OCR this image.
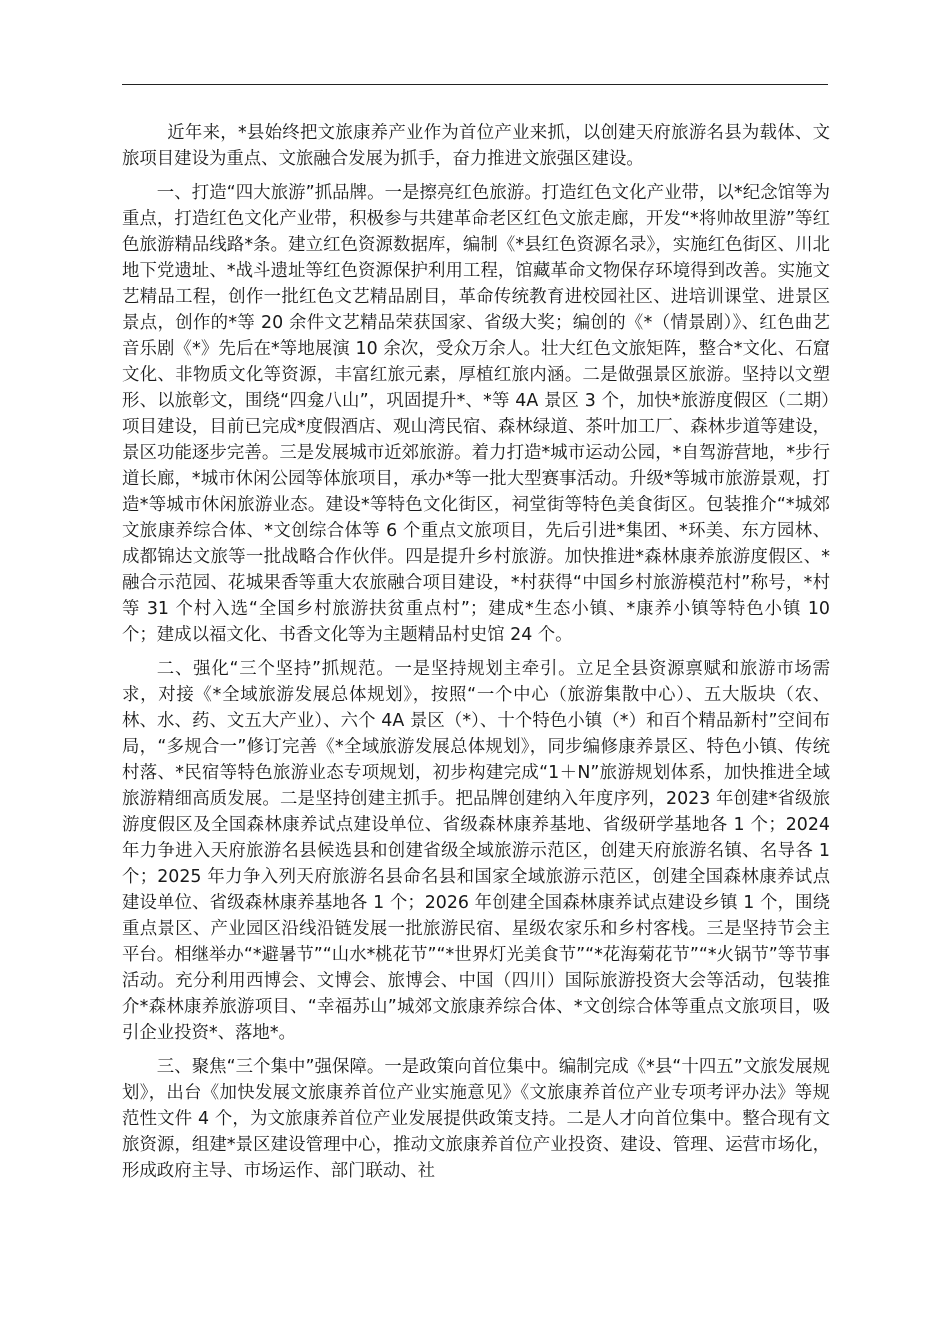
近年来，*县始终把文旅康养产业作为首位产业来抓，以创建天府旅游名县为载体、文旅项目建设为重点、文旅融合发展为抓手，奋力推进文旅强区建设。

一、打造“四大旅游”抓品牌。一是擦亮红色旅游。打造红色文化产业带，以*纪念馆等为重点，打造红色文化产业带，积极参与共建革命老区红色文旅走廊，开发“*将帅故里游”等红色旅游精品线路*条。建立红色资源数据库，编制《*县红色资源名录》，实施红色街区、川北地下党遗址、*战斗遗址等红色资源保护利用工程，馆藏革命文物保存环境得到改善。实施文艺精品工程，创作一批红色文艺精品剧目，革命传统教育进校园社区、进培训课堂、进景区景点，创作的*等 20 余件文艺精品荣获国家、省级大奖；编创的《*（情景剧）》、红色曲艺音乐剧《*》先后在*等地展演 10 余次，受众万余人。壮大红色文旅矩阵，整合*文化、石窟文化、非物质文化等资源，丰富红旅元素，厚植红旅内涵。二是做强景区旅游。坚持以文塑形、以旅彰文，围绕“四龛八山”，巩固提升*、*等 4A 景区 3 个，加快*旅游度假区（二期）项目建设，目前已完成*度假酒店、观山湾民宿、森林绿道、茶叶加工厂、森林步道等建设，景区功能逐步完善。三是发展城市近郊旅游。着力打造*城市运动公园，*自驾游营地，*步行道长廊，*城市休闲公园等体旅项目，承办*等一批大型赛事活动。升级*等城市旅游景观，打造*等城市休闲旅游业态。建设*等特色文化街区，祠堂街等特色美食街区。包装推介“*城郊文旅康养综合体、*文创综合体等 6 个重点文旅项目，先后引进*集团、*环美、东方园林、成都锦达文旅等一批战略合作伙伴。四是提升乡村旅游。加快推进*森林康养旅游度假区、*融合示范园、花城果香等重大农旅融合项目建设，*村获得“中国乡村旅游模范村”称号，*村等 31 个村入选“全国乡村旅游扶贫重点村”；建成*生态小镇、*康养小镇等特色小镇 10 个；建成以福文化、书香文化等为主题精品村史馆 24 个。

二、强化“三个坚持”抓规范。一是坚持规划主牵引。立足全县资源禀赋和旅游市场需求，对接《*全域旅游发展总体规划》，按照“一个中心（旅游集散中心）、五大版块（农、林、水、药、文五大产业）、六个 4A 景区（*）、十个特色小镇（*）和百个精品新村”空间布局，“多规合一”修订完善《*全域旅游发展总体规划》，同步编修康养景区、特色小镇、传统村落、*民宿等特色旅游业态专项规划，初步构建完成“1＋N”旅游规划体系，加快推进全域旅游精细高质发展。二是坚持创建主抓手。把品牌创建纳入年度序列，2023 年创建*省级旅游度假区及全国森林康养试点建设单位、省级森林康养基地、省级研学基地各 1 个；2024 年力争进入天府旅游名县候选县和创建省级全域旅游示范区，创建天府旅游名镇、名导各 1 个；2025 年力争入列天府旅游名县命名县和国家全域旅游示范区，创建全国森林康养试点建设单位、省级森林康养基地各 1 个；2026 年创建全国森林康养试点建设乡镇 1 个，围绕重点景区、产业园区沿线沿链发展一批旅游民宿、星级农家乐和乡村客栈。三是坚持节会主平台。相继举办“*避暑节”“山水*桃花节”“*世界灯光美食节”“*花海菊花节”“*火锅节”等节事活动。充分利用西博会、文博会、旅博会、中国（四川）国际旅游投资大会等活动，包装推介*森林康养旅游项目、“幸福苏山”城郊文旅康养综合体、*文创综合体等重点文旅项目，吸引企业投资*、落地*。

三、聚焦“三个集中”强保障。一是政策向首位集中。编制完成《*县“十四五”文旅发展规划》，出台《加快发展文旅康养首位产业实施意见》《文旅康养首位产业专项考评办法》等规范性文件 4 个，为文旅康养首位产业发展提供政策支持。二是人才向首位集中。整合现有文旅资源，组建*景区建设管理中心，推动文旅康养首位产业投资、建设、管理、运营市场化，形成政府主导、市场运作、部门联动、社
